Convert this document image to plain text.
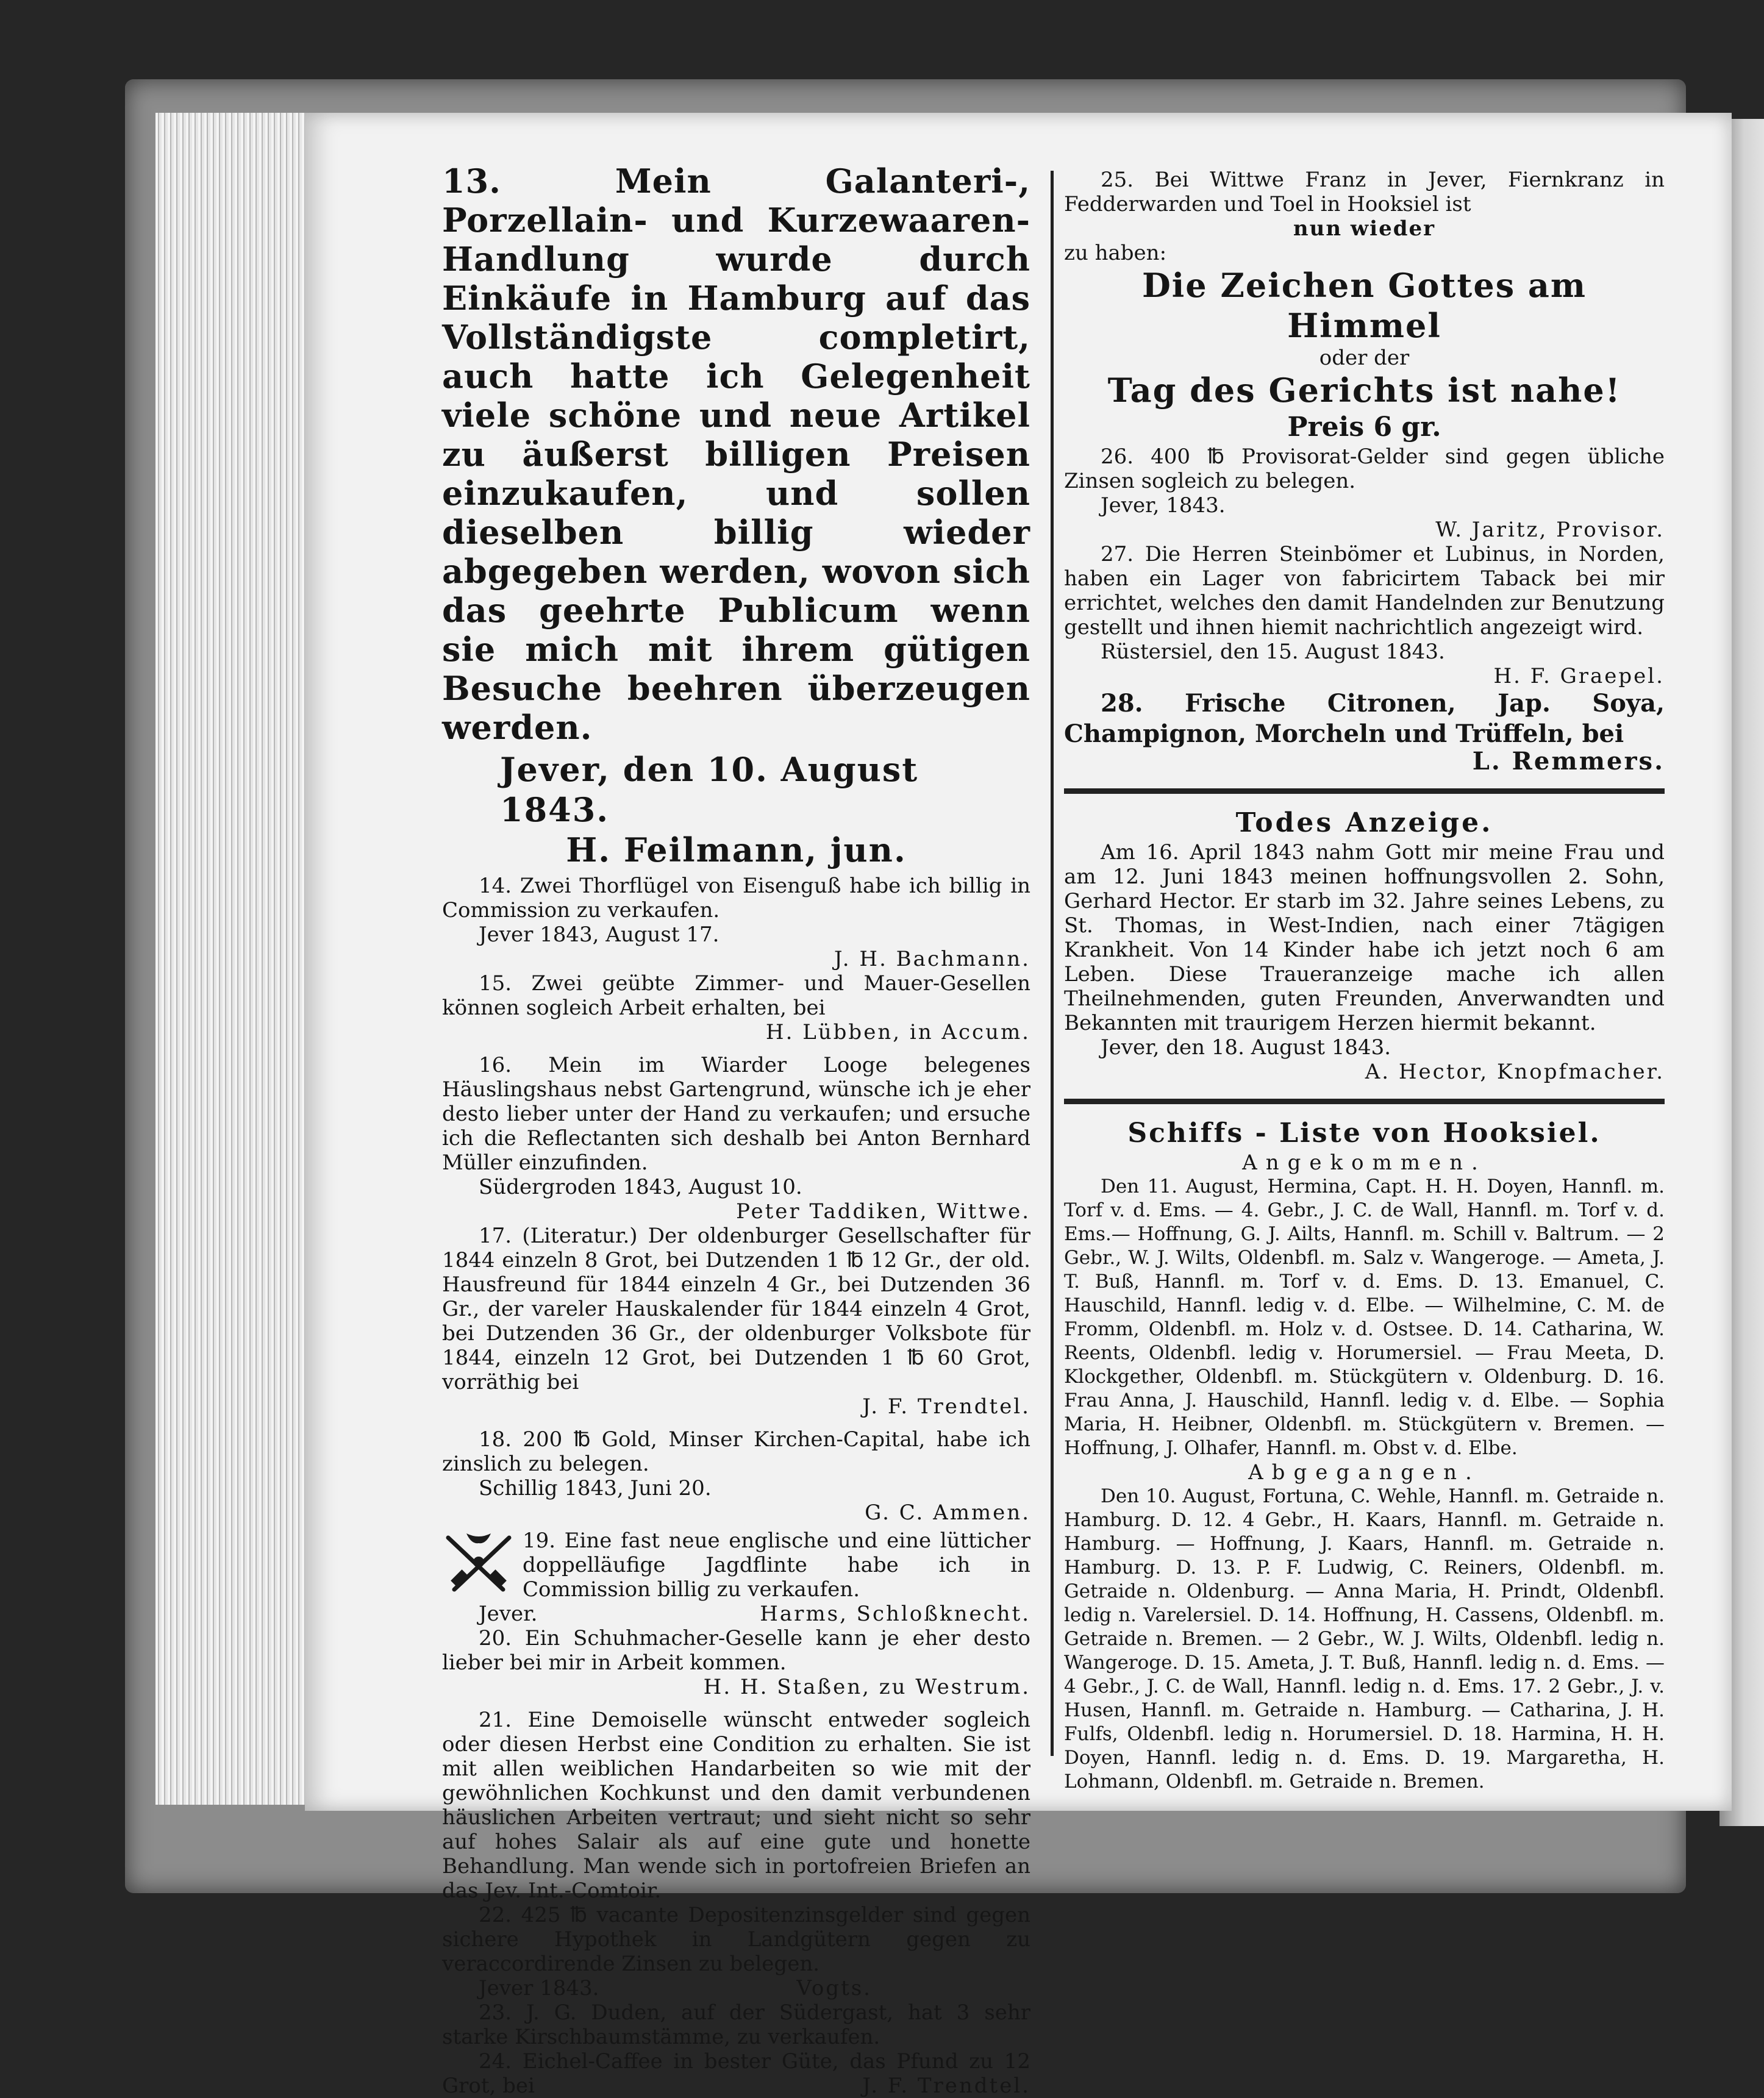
13. Mein Galanteri-, Porzellain- und Kurzewaaren-Handlung wurde durch Einkäufe in Hamburg auf das Vollständigste completirt, auch hatte ich Gelegenheit viele schöne und neue Artikel zu äußerst billigen Preisen einzukaufen, und sollen dieselben billig wieder abgegeben werden, wovon sich das geehrte Publicum wenn sie mich mit ihrem gütigen Besuche beehren überzeugen werden.

Jever, den 10. August 1843.

H. Feilmann, jun.

14. Zwei Thorflügel von Eisenguß habe ich billig in Commission zu verkaufen.

Jever 1843, August 17.

J. H. Bachmann.

15. Zwei geübte Zimmer- und Mauer-Gesellen können sogleich Arbeit erhalten, bei

H. Lübben, in Accum.

16. Mein im Wiarder Looge belegenes Häuslingshaus nebst Gartengrund, wünsche ich je eher desto lieber unter der Hand zu verkaufen; und ersuche ich die Reflectanten sich deshalb bei Anton Bernhard Müller einzufinden.

Südergroden 1843, August 10.

Peter Taddiken, Wittwe.

17. (Literatur.) Der oldenburger Gesellschafter für 1844 einzeln 8 Grot, bei Dutzenden 1 ℔ 12 Gr., der old. Hausfreund für 1844 einzeln 4 Gr., bei Dutzenden 36 Gr., der vareler Hauskalender für 1844 einzeln 4 Grot, bei Dutzenden 36 Gr., der oldenburger Volksbote für 1844, einzeln 12 Grot, bei Dutzenden 1 ℔ 60 Grot, vorräthig bei

J. F. Trendtel.

18. 200 ℔ Gold, Minser Kirchen-Capital, habe ich zinslich zu belegen.

Schillig 1843, Juni 20.

G. C. Ammen.

19. Eine fast neue englische und eine lütticher doppelläufige Jagdflinte habe ich in Commission billig zu verkaufen.

Jever.	Harms, Schloßknecht.

20. Ein Schuhmacher-Geselle kann je eher desto lieber bei mir in Arbeit kommen.

H. H. Staßen, zu Westrum.

21. Eine Demoiselle wünscht entweder sogleich oder diesen Herbst eine Condition zu erhalten. Sie ist mit allen weiblichen Handarbeiten so wie mit der gewöhnlichen Kochkunst und den damit verbundenen häuslichen Arbeiten vertraut; und sieht nicht so sehr auf hohes Salair als auf eine gute und honette Behandlung. Man wende sich in portofreien Briefen an das Jev. Int.-Comtoir.

22. 425 ℔ vacante Depositenzinsgelder sind gegen sichere Hypothek in Landgütern gegen zu veraccordirende Zinsen zu belegen.

Jever 1843.	Vogts.

23. J. G. Duden, auf der Südergast, hat 3 sehr starke Kirschbaumstämme, zu verkaufen.

24. Eichel-Caffee in bester Güte, das Pfund zu 12 Grot, bei	J. F. Trendtel.

25. Bei Wittwe Franz in Jever, Fiernkranz in Fedderwarden und Toel in Hooksiel ist

nun wieder

zu haben:

Die Zeichen Gottes am Himmel

oder der

Tag des Gerichts ist nahe!

Preis 6 gr.

26. 400 ℔ Provisorat-Gelder sind gegen übliche Zinsen sogleich zu belegen.

Jever, 1843.

W. Jaritz, Provisor.

27. Die Herren Steinbömer et Lubinus, in Norden, haben ein Lager von fabricirtem Taback bei mir errichtet, welches den damit Handelnden zur Benutzung gestellt und ihnen hiemit nachrichtlich angezeigt wird.

Rüstersiel, den 15. August 1843.

H. F. Graepel.

28. Frische Citronen, Jap. Soya, Champignon, Morcheln und Trüffeln, bei

L. Remmers.

Todes Anzeige.

Am 16. April 1843 nahm Gott mir meine Frau und am 12. Juni 1843 meinen hoffnungsvollen 2. Sohn, Gerhard Hector. Er starb im 32. Jahre seines Lebens, zu St. Thomas, in West-Indien, nach einer 7tägigen Krankheit. Von 14 Kinder habe ich jetzt noch 6 am Leben. Diese Traueranzeige mache ich allen Theilnehmenden, guten Freunden, Anverwandten und Bekannten mit traurigem Herzen hiermit bekannt.

Jever, den 18. August 1843.

A. Hector, Knopfmacher.

Schiffs - Liste von Hooksiel.

Angekommen.

Den 11. August, Hermina, Capt. H. H. Doyen, Hannfl. m. Torf v. d. Ems. — 4. Gebr., J. C. de Wall, Hannfl. m. Torf v. d. Ems.— Hoffnung, G. J. Ailts, Hannfl. m. Schill v. Baltrum. — 2 Gebr., W. J. Wilts, Oldenbfl. m. Salz v. Wangeroge. — Ameta, J. T. Buß, Hannfl. m. Torf v. d. Ems. D. 13. Emanuel, C. Hauschild, Hannfl. ledig v. d. Elbe. — Wilhelmine, C. M. de Fromm, Oldenbfl. m. Holz v. d. Ostsee. D. 14. Catharina, W. Reents, Oldenbfl. ledig v. Horumersiel. — Frau Meeta, D. Klockgether, Oldenbfl. m. Stückgütern v. Oldenburg. D. 16. Frau Anna, J. Hauschild, Hannfl. ledig v. d. Elbe. — Sophia Maria, H. Heibner, Oldenbfl. m. Stückgütern v. Bremen. — Hoffnung, J. Olhafer, Hannfl. m. Obst v. d. Elbe.

Abgegangen.

Den 10. August, Fortuna, C. Wehle, Hannfl. m. Getraide n. Hamburg. D. 12. 4 Gebr., H. Kaars, Hannfl. m. Getraide n. Hamburg. — Hoffnung, J. Kaars, Hannfl. m. Getraide n. Hamburg. D. 13. P. F. Ludwig, C. Reiners, Oldenbfl. m. Getraide n. Oldenburg. — Anna Maria, H. Prindt, Oldenbfl. ledig n. Varelersiel. D. 14. Hoffnung, H. Cassens, Oldenbfl. m. Getraide n. Bremen. — 2 Gebr., W. J. Wilts, Oldenbfl. ledig n. Wangeroge. D. 15. Ameta, J. T. Buß, Hannfl. ledig n. d. Ems. — 4 Gebr., J. C. de Wall, Hannfl. ledig n. d. Ems. 17. 2 Gebr., J. v. Husen, Hannfl. m. Getraide n. Hamburg. — Catharina, J. H. Fulfs, Oldenbfl. ledig n. Horumersiel. D. 18. Harmina, H. H. Doyen, Hannfl. ledig n. d. Ems. D. 19. Margaretha, H. Lohmann, Oldenbfl. m. Getraide n. Bremen.
